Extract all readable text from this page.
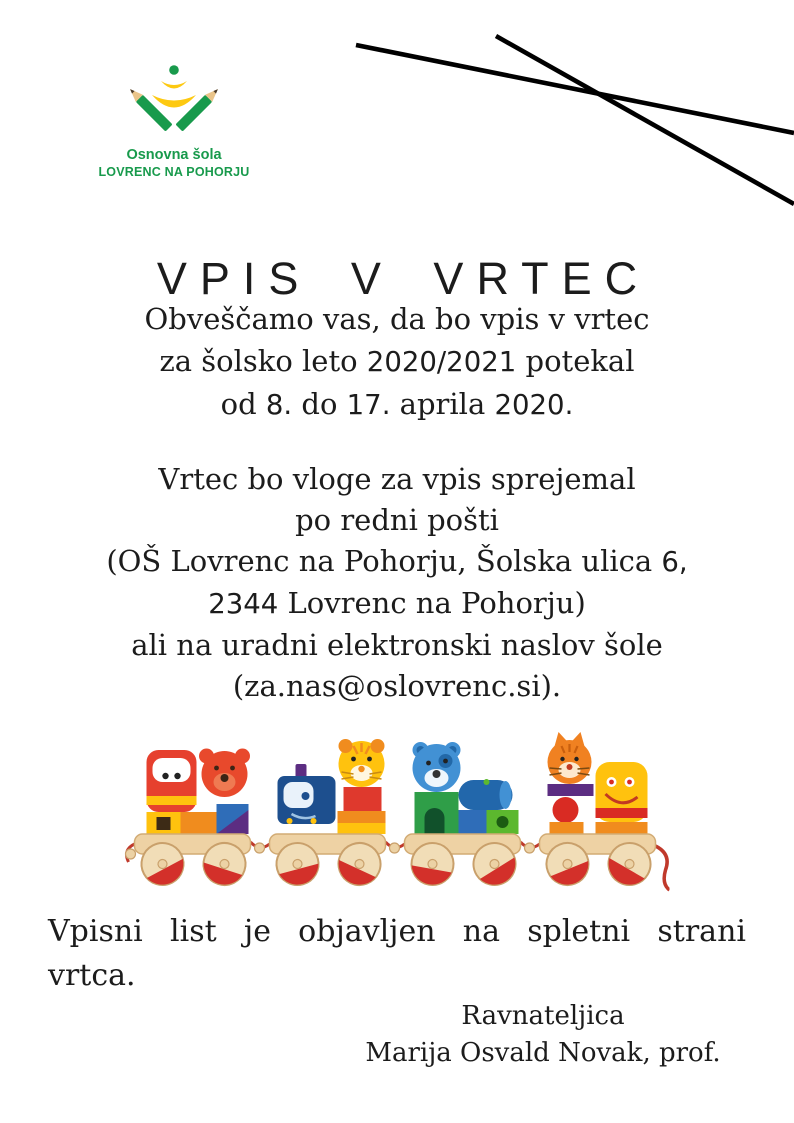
Osnovna šola
LOVRENC NA POHORJU
VPIS V VRTEC
Obveščamo vas, da bo vpis v vrtec
za šolsko leto 2020/2021 potekal
od 8. do 17. aprila 2020.
Vrtec bo vloge za vpis sprejemal
po redni pošti
(OŠ Lovrenc na Pohorju, Šolska ulica 6,
2344 Lovrenc na Pohorju)
ali na uradni elektronski naslov šole
(za.nas@oslovrenc.si).
Vpisni list je objavljen na spletni strani
vrtca.
Ravnateljica
Marija Osvald Novak, prof.
